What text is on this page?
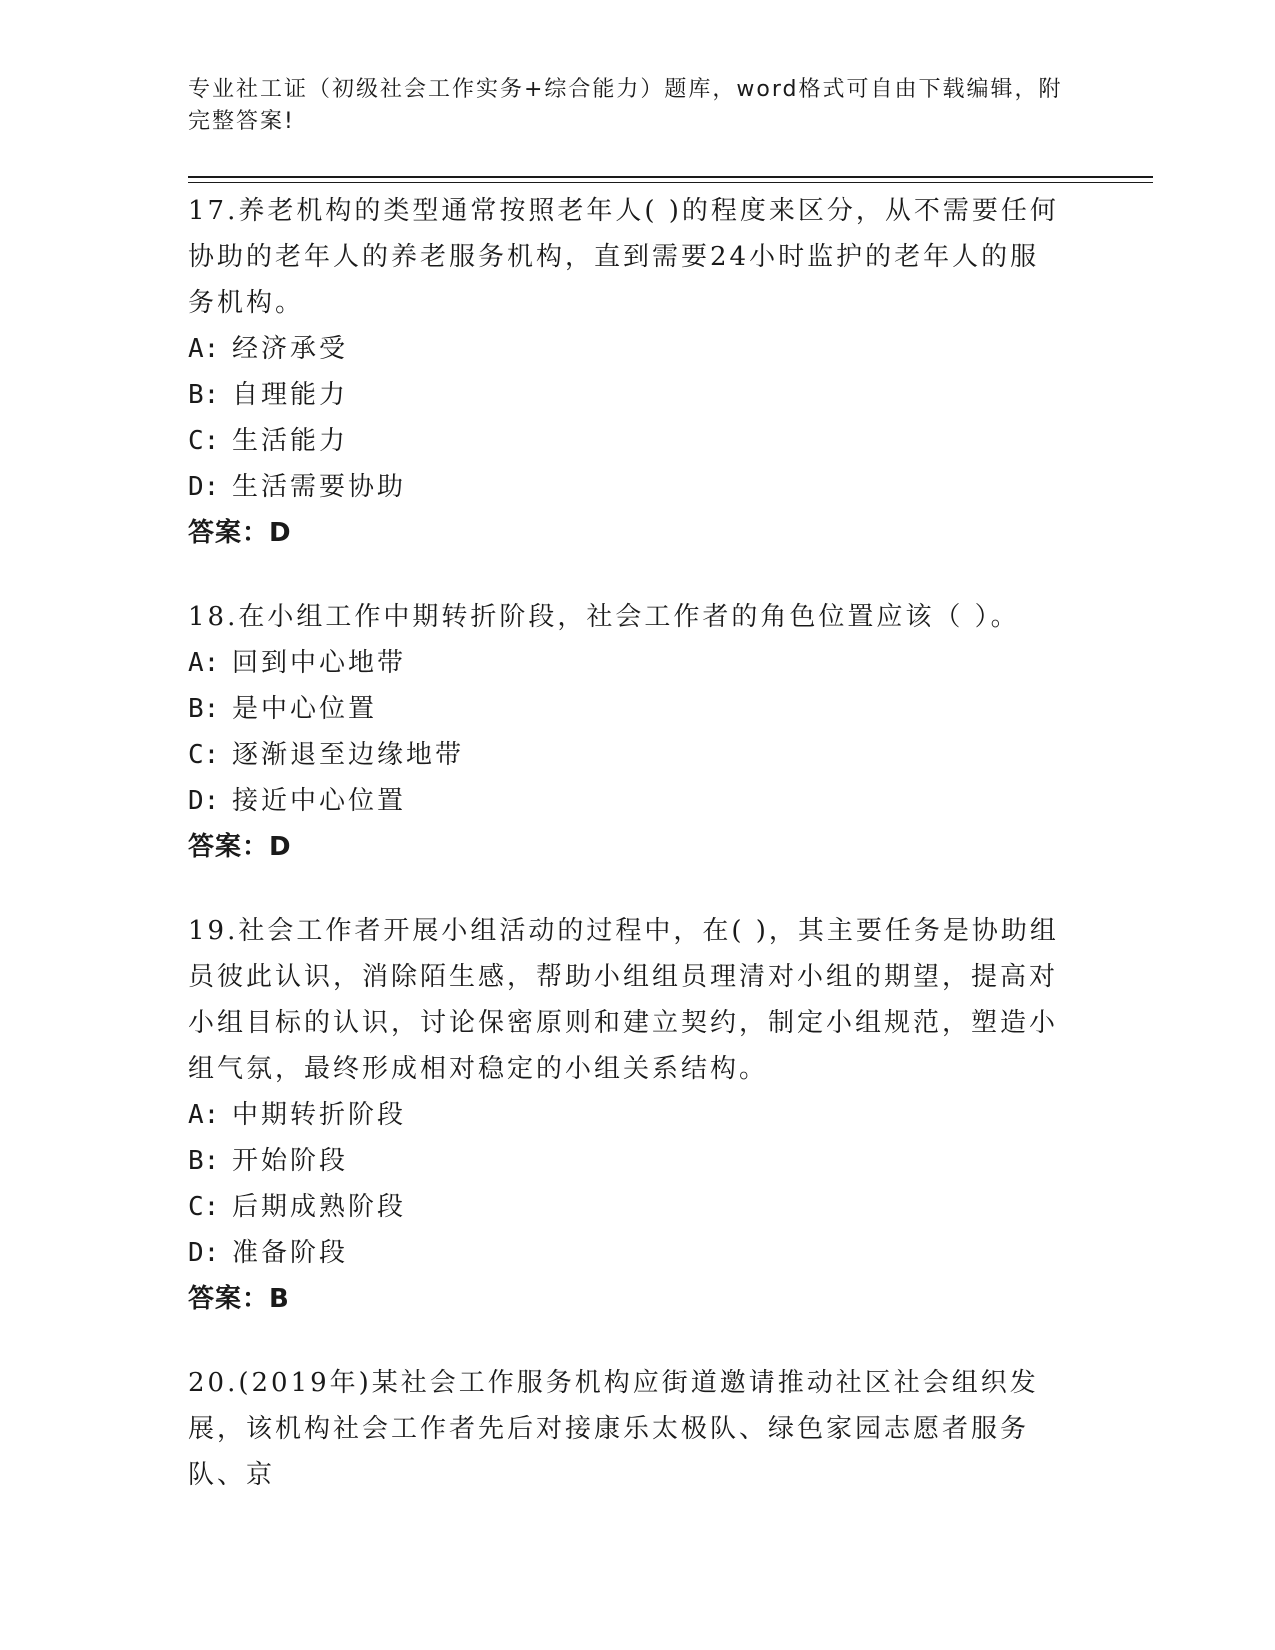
专业社工证（初级社会工作实务+综合能力）题库，word格式可自由下载编辑，附
完整答案!

17.养老机构的类型通常按照老年人( )的程度来区分，从不需要任何协助的老年人的养老服务机构，直到需要24小时监护的老年人的服务机构。

A: 经济承受

B: 自理能力

C: 生活能力

D: 生活需要协助

答案：D

18.在小组工作中期转折阶段，社会工作者的角色位置应该（ ）。

A: 回到中心地带

B: 是中心位置

C: 逐渐退至边缘地带

D: 接近中心位置

答案：D

19.社会工作者开展小组活动的过程中，在( )，其主要任务是协助组员彼此认识，消除陌生感，帮助小组组员理清对小组的期望，提高对小组目标的认识，讨论保密原则和建立契约，制定小组规范，塑造小组气氛，最终形成相对稳定的小组关系结构。

A: 中期转折阶段

B: 开始阶段

C: 后期成熟阶段

D: 准备阶段

答案：B

20.(2019年)某社会工作服务机构应街道邀请推动社区社会组织发展，该机构社会工作者先后对接康乐太极队、绿色家园志愿者服务队、京
